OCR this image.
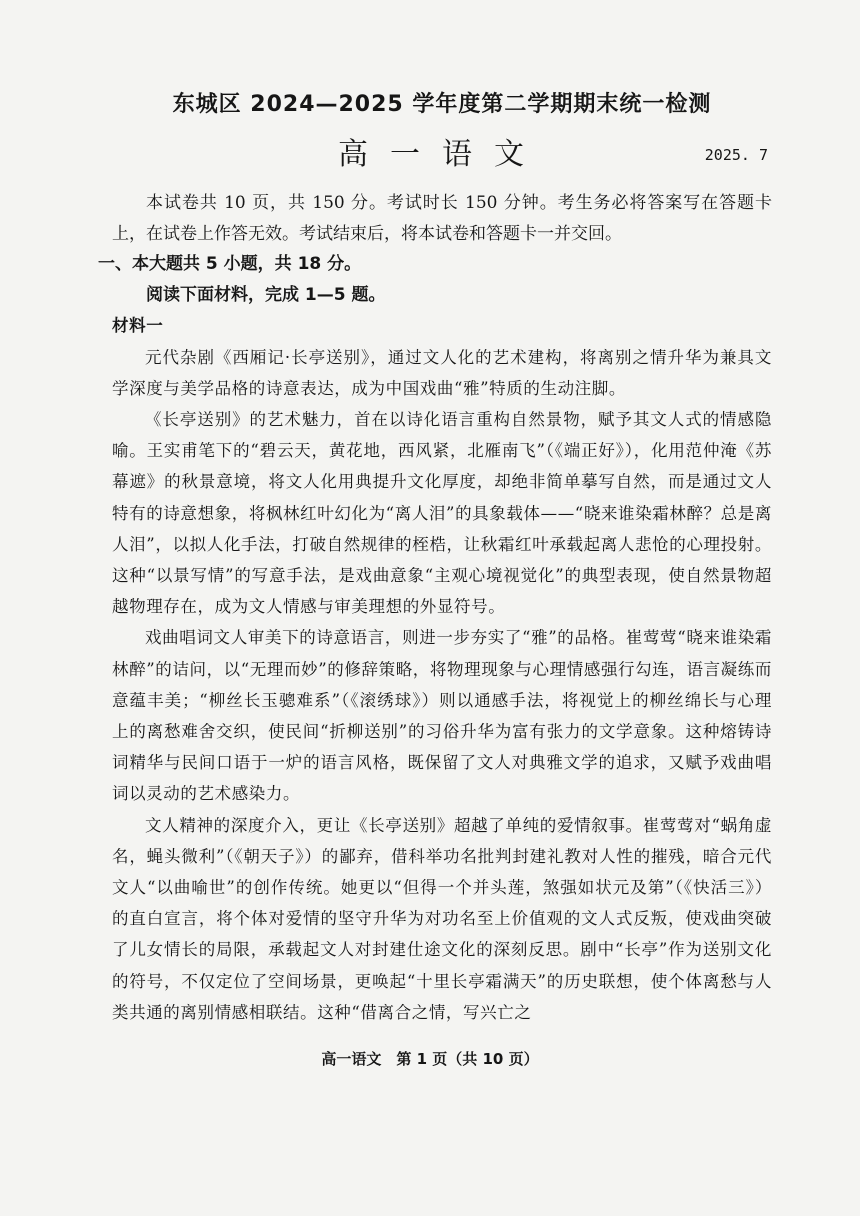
东城区 2024—2025 学年度第二学期期末统一检测
高一语文	2025. 7

本试卷共 10 页，共 150 分。考试时长 150 分钟。考生务必将答案写在答题卡上，在试卷上作答无效。考试结束后，将本试卷和答题卡一并交回。

一、本大题共 5 小题，共 18 分。

阅读下面材料，完成 1—5 题。

材料一

元代杂剧《西厢记·长亭送别》，通过文人化的艺术建构，将离别之情升华为兼具文学深度与美学品格的诗意表达，成为中国戏曲“雅”特质的生动注脚。

《长亭送别》的艺术魅力，首在以诗化语言重构自然景物，赋予其文人式的情感隐喻。王实甫笔下的“碧云天，黄花地，西风紧，北雁南飞”（《端正好》），化用范仲淹《苏幕遮》的秋景意境，将文人化用典提升文化厚度，却绝非简单摹写自然，而是通过文人特有的诗意想象，将枫林红叶幻化为“离人泪”的具象载体——“晓来谁染霜林醉？总是离人泪”，以拟人化手法，打破自然规律的桎梏，让秋霜红叶承载起离人悲怆的心理投射。这种“以景写情”的写意手法，是戏曲意象“主观心境视觉化”的典型表现，使自然景物超越物理存在，成为文人情感与审美理想的外显符号。

戏曲唱词文人审美下的诗意语言，则进一步夯实了“雅”的品格。崔莺莺“晓来谁染霜林醉”的诘问，以“无理而妙”的修辞策略，将物理现象与心理情感强行勾连，语言凝练而意蕴丰美；“柳丝长玉骢难系”（《滚绣球》）则以通感手法，将视觉上的柳丝绵长与心理上的离愁难舍交织，使民间“折柳送别”的习俗升华为富有张力的文学意象。这种熔铸诗词精华与民间口语于一炉的语言风格，既保留了文人对典雅文学的追求，又赋予戏曲唱词以灵动的艺术感染力。

文人精神的深度介入，更让《长亭送别》超越了单纯的爱情叙事。崔莺莺对“蜗角虚名，蝇头微利”（《朝天子》）的鄙弃，借科举功名批判封建礼教对人性的摧残，暗合元代文人“以曲喻世”的创作传统。她更以“但得一个并头莲，煞强如状元及第”（《快活三》）的直白宣言，将个体对爱情的坚守升华为对功名至上价值观的文人式反叛，使戏曲突破了儿女情长的局限，承载起文人对封建仕途文化的深刻反思。剧中“长亭”作为送别文化的符号，不仅定位了空间场景，更唤起“十里长亭霜满天”的历史联想，使个体离愁与人类共通的离别情感相联结。这种“借离合之情，写兴亡之

高一语文　第 1 页（共 10 页）
